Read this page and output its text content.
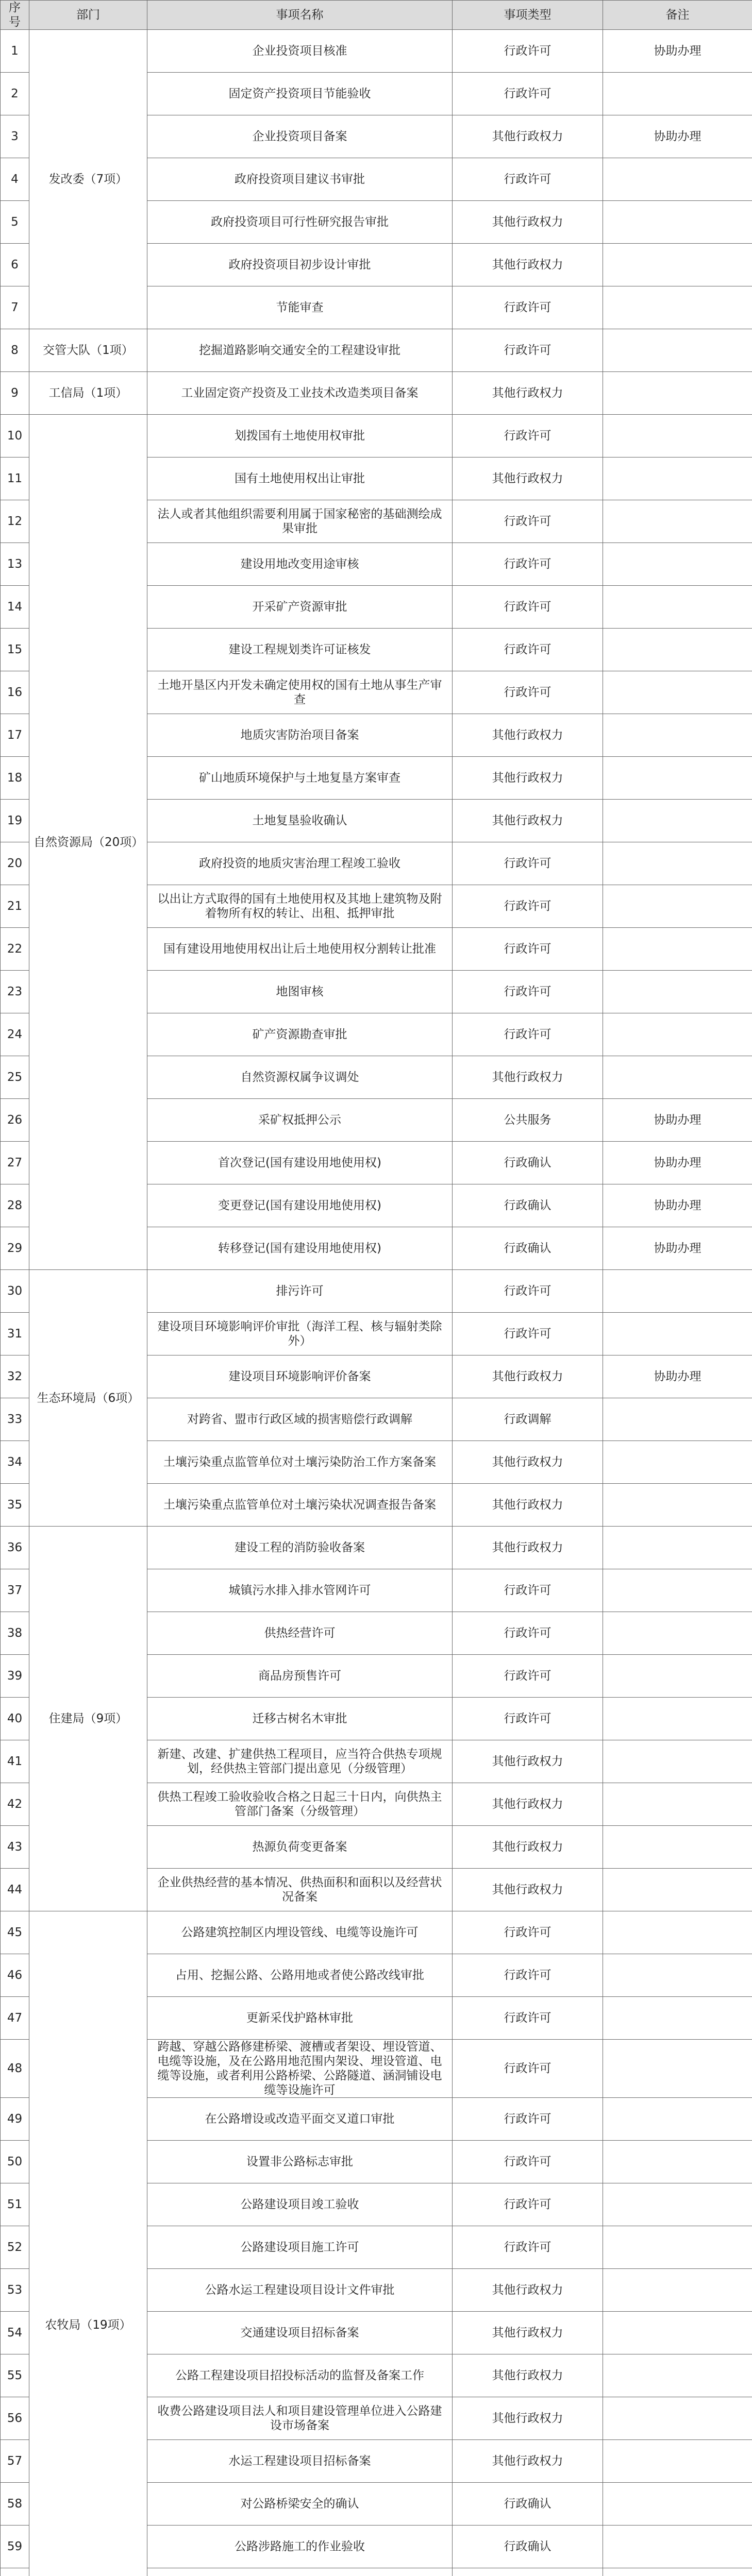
序号	部门	事项名称	事项类型	备注
1	发改委（7项）	企业投资项目核准	行政许可	协助办理
2		固定资产投资项目节能验收	行政许可	
3		企业投资项目备案	其他行政权力	协助办理
4		政府投资项目建议书审批	行政许可	
5		政府投资项目可行性研究报告审批	其他行政权力	
6		政府投资项目初步设计审批	其他行政权力	
7		节能审查	行政许可	
8	交管大队（1项）	挖掘道路影响交通安全的工程建设审批	行政许可	
9	工信局（1项）	工业固定资产投资及工业技术改造类项目备案	其他行政权力	
10	自然资源局（20项）	划拨国有土地使用权审批	行政许可	
11		国有土地使用权出让审批	其他行政权力	
12		法人或者其他组织需要利用属于国家秘密的基础测绘成果审批	行政许可	
13		建设用地改变用途审核	行政许可	
14		开采矿产资源审批	行政许可	
15		建设工程规划类许可证核发	行政许可	
16		土地开垦区内开发未确定使用权的国有土地从事生产审查	行政许可	
17		地质灾害防治项目备案	其他行政权力	
18		矿山地质环境保护与土地复垦方案审查	其他行政权力	
19		土地复垦验收确认	其他行政权力	
20		政府投资的地质灾害治理工程竣工验收	行政许可	
21		以出让方式取得的国有土地使用权及其地上建筑物及附着物所有权的转让、出租、抵押审批	行政许可	
22		国有建设用地使用权出让后土地使用权分割转让批准	行政许可	
23		地图审核	行政许可	
24		矿产资源勘查审批	行政许可	
25		自然资源权属争议调处	其他行政权力	
26		采矿权抵押公示	公共服务	协助办理
27		首次登记(国有建设用地使用权)	行政确认	协助办理
28		变更登记(国有建设用地使用权)	行政确认	协助办理
29		转移登记(国有建设用地使用权)	行政确认	协助办理
30	生态环境局（6项）	排污许可	行政许可	
31		建设项目环境影响评价审批（海洋工程、核与辐射类除外）	行政许可	
32		建设项目环境影响评价备案	其他行政权力	协助办理
33		对跨省、盟市行政区域的损害赔偿行政调解	行政调解	
34		土壤污染重点监管单位对土壤污染防治工作方案备案	其他行政权力	
35		土壤污染重点监管单位对土壤污染状况调查报告备案	其他行政权力	
36	住建局（9项）	建设工程的消防验收备案	其他行政权力	
37		城镇污水排入排水管网许可	行政许可	
38		供热经营许可	行政许可	
39		商品房预售许可	行政许可	
40		迁移古树名木审批	行政许可	
41		新建、改建、扩建供热工程项目，应当符合供热专项规划，经供热主管部门提出意见（分级管理）	其他行政权力	
42		供热工程竣工验收验收合格之日起三十日内，向供热主管部门备案（分级管理）	其他行政权力	
43		热源负荷变更备案	其他行政权力	
44		企业供热经营的基本情况、供热面积和面积以及经营状况备案	其他行政权力	
45	农牧局（19项）	公路建筑控制区内埋设管线、电缆等设施许可	行政许可	
46		占用、挖掘公路、公路用地或者使公路改线审批	行政许可	
47		更新采伐护路林审批	行政许可	
48		跨越、穿越公路修建桥梁、渡槽或者架设、埋设管道、电缆等设施，及在公路用地范围内架设、埋设管道、电缆等设施，或者利用公路桥梁、公路隧道、涵洞铺设电缆等设施许可	行政许可	
49		在公路增设或改造平面交叉道口审批	行政许可	
50		设置非公路标志审批	行政许可	
51		公路建设项目竣工验收	行政许可	
52		公路建设项目施工许可	行政许可	
53		公路水运工程建设项目设计文件审批	其他行政权力	
54		交通建设项目招标备案	其他行政权力	
55		公路工程建设项目招投标活动的监督及备案工作	其他行政权力	
56		收费公路建设项目法人和项目建设管理单位进入公路建设市场备案	其他行政权力	
57		水运工程建设项目招标备案	其他行政权力	
58		对公路桥梁安全的确认	行政确认	
59		公路涉路施工的作业验收	行政确认	
